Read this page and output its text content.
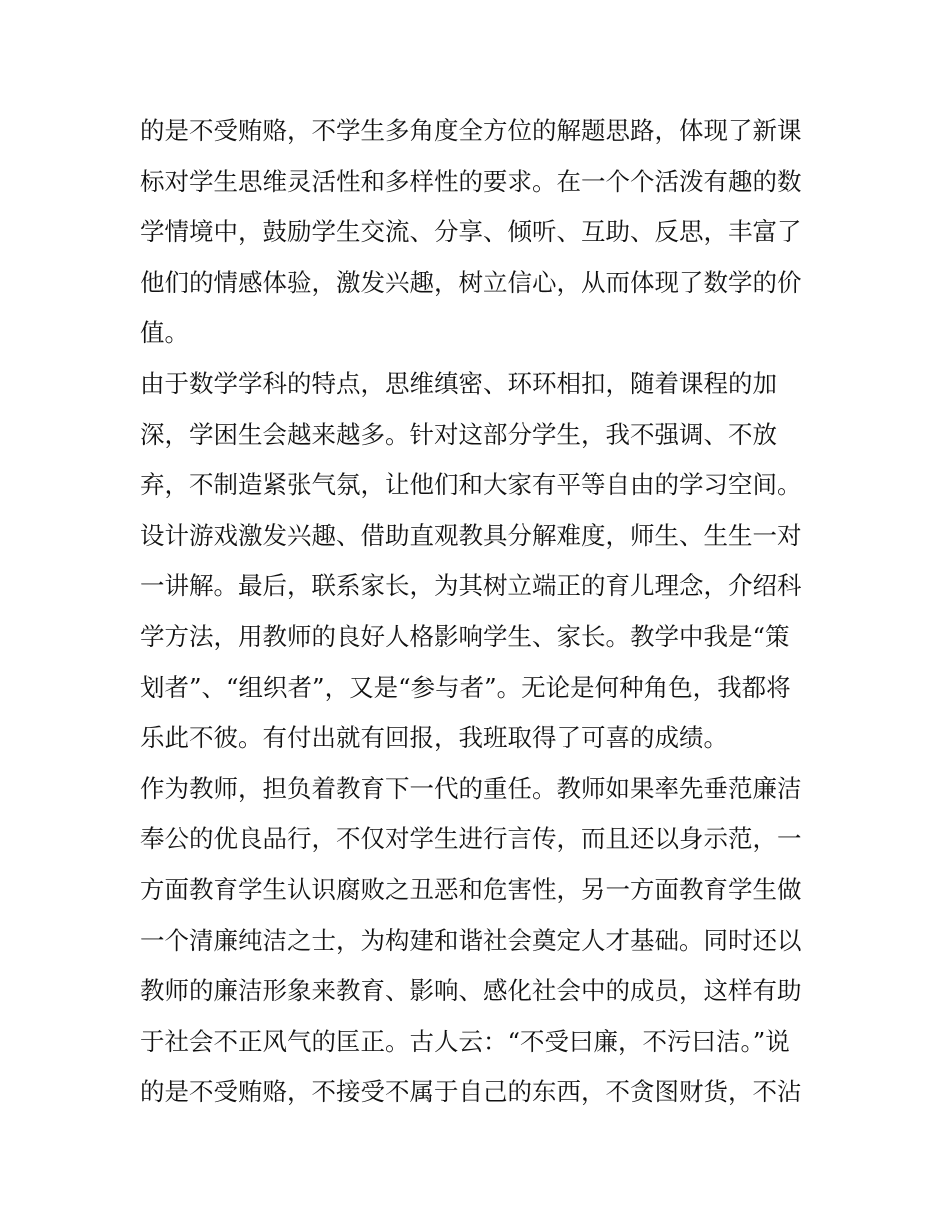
的是不受贿赂，不学生多角度全方位的解题思路，体现了新课
标对学生思维灵活性和多样性的要求。在一个个活泼有趣的数
学情境中，鼓励学生交流、分享、倾听、互助、反思，丰富了
他们的情感体验，激发兴趣，树立信心，从而体现了数学的价
值。
由于数学学科的特点，思维缜密、环环相扣，随着课程的加
深，学困生会越来越多。针对这部分学生，我不强调、不放
弃，不制造紧张气氛，让他们和大家有平等自由的学习空间。
设计游戏激发兴趣、借助直观教具分解难度，师生、生生一对
一讲解。最后，联系家长，为其树立端正的育儿理念，介绍科
学方法，用教师的良好人格影响学生、家长。教学中我是“策
划者”、“组织者”，又是“参与者”。无论是何种角色，我都将
乐此不彼。有付出就有回报，我班取得了可喜的成绩。
作为教师，担负着教育下一代的重任。教师如果率先垂范廉洁
奉公的优良品行，不仅对学生进行言传，而且还以身示范，一
方面教育学生认识腐败之丑恶和危害性，另一方面教育学生做
一个清廉纯洁之士，为构建和谐社会奠定人才基础。同时还以
教师的廉洁形象来教育、影响、感化社会中的成员，这样有助
于社会不正风气的匡正。古人云：“不受曰廉，不污曰洁。”说
的是不受贿赂，不接受不属于自己的东西，不贪图财货，不沾
